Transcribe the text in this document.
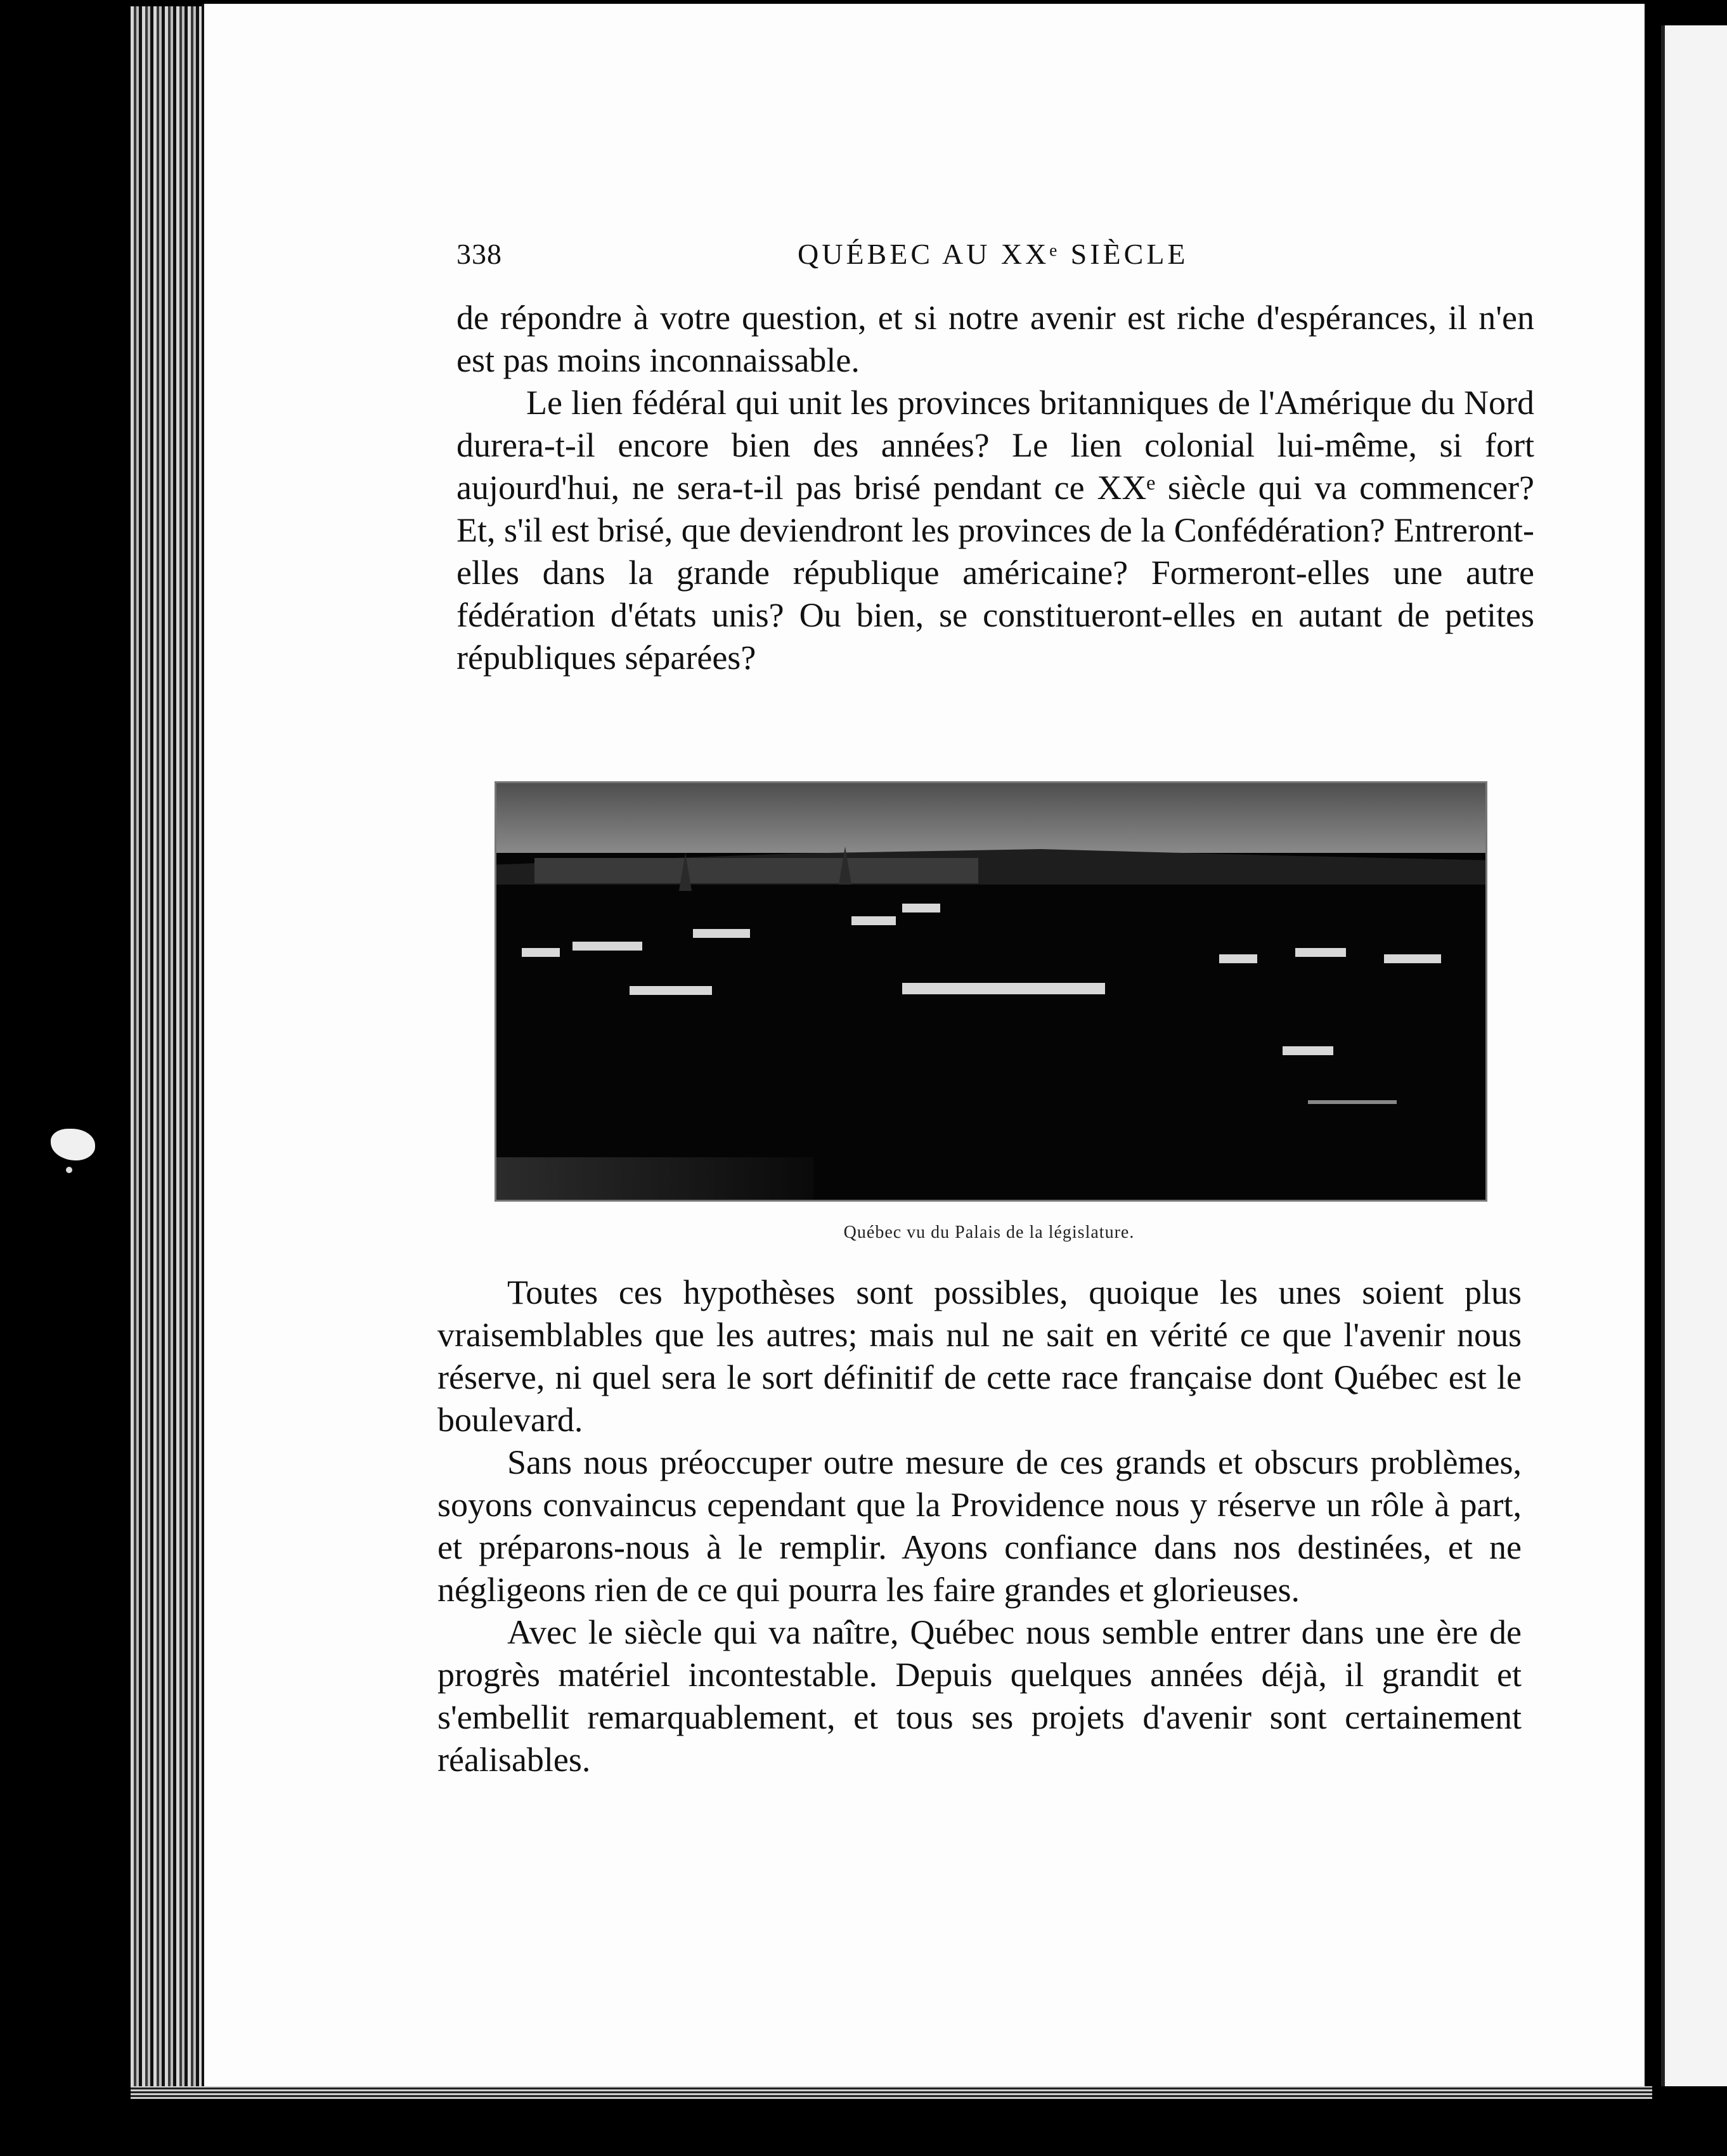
338	QUÉBEC AU XXᵉ SIÈCLE

de répondre à votre question, et si notre avenir est riche d'espérances, il n'en est pas moins inconnaissable.

Le lien fédéral qui unit les provinces britanniques de l'Amérique du Nord durera-t-il encore bien des années? Le lien colonial lui-même, si fort aujourd'hui, ne sera-t-il pas brisé pendant ce XXᵉ siècle qui va commencer? Et, s'il est brisé, que deviendront les provinces de la Confédération? Entreront-elles dans la grande république américaine? Formeront-elles une autre fédération d'états unis? Ou bien, se constitueront-elles en autant de petites républiques séparées?

Québec vu du Palais de la législature.

Toutes ces hypothèses sont possibles, quoique les unes soient plus vraisemblables que les autres; mais nul ne sait en vérité ce que l'avenir nous réserve, ni quel sera le sort définitif de cette race française dont Québec est le boulevard.

Sans nous préoccuper outre mesure de ces grands et obscurs problèmes, soyons convaincus cependant que la Providence nous y réserve un rôle à part, et préparons-nous à le remplir. Ayons confiance dans nos destinées, et ne négligeons rien de ce qui pourra les faire grandes et glorieuses.

Avec le siècle qui va naître, Québec nous semble entrer dans une ère de progrès matériel incontestable. Depuis quelques années déjà, il grandit et s'embellit remarquablement, et tous ses projets d'avenir sont certainement réalisables.
